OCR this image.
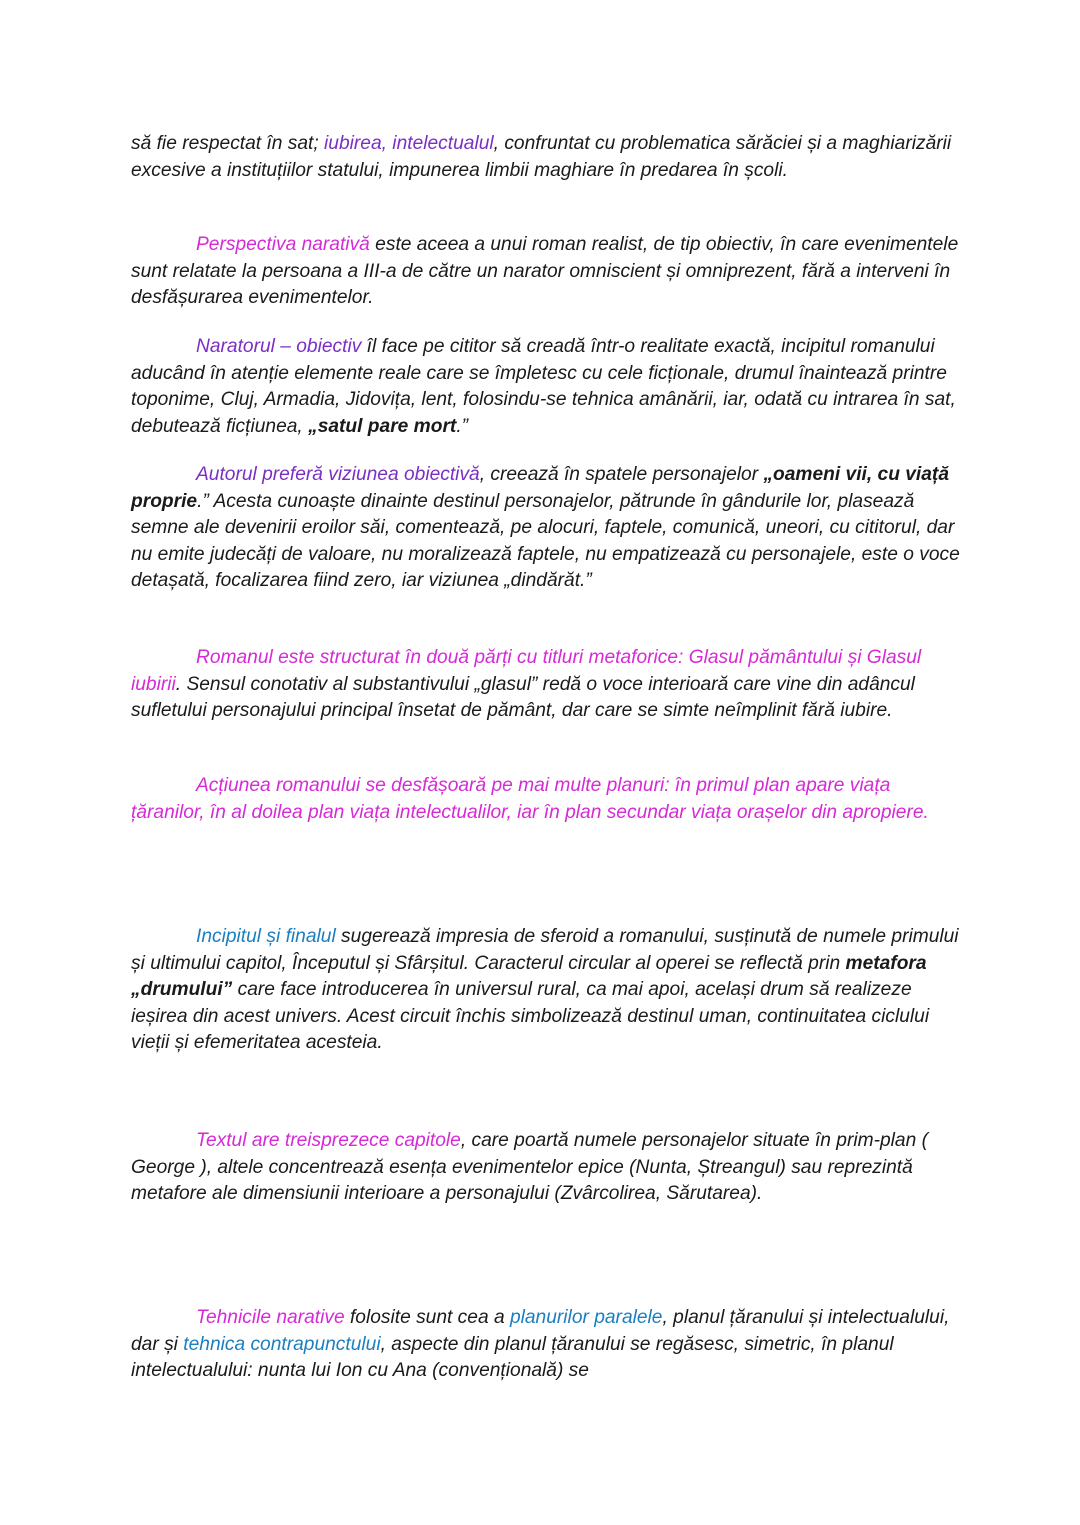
să fie respectat în sat; iubirea, intelectualul, confruntat cu problematica sărăciei și a maghiarizării excesive a instituțiilor statului, impunerea limbii maghiare în predarea în școli.

Perspectiva narativă este aceea a unui roman realist, de tip obiectiv, în care evenimentele sunt relatate la persoana a III-a de către un narator omniscient și omniprezent, fără a interveni în desfășurarea evenimentelor.

Naratorul – obiectiv îl face pe cititor să creadă într-o realitate exactă, incipitul romanului aducând în atenție elemente reale care se împletesc cu cele ficționale, drumul înaintează printre toponime, Cluj, Armadia, Jidovița, lent, folosindu-se tehnica amânării, iar, odată cu intrarea în sat, debutează ficțiunea, „satul pare mort.”

Autorul preferă viziunea obiectivă, creează în spatele personajelor „oameni vii, cu viață proprie.” Acesta cunoaște dinainte destinul personajelor, pătrunde în gândurile lor, plasează semne ale devenirii eroilor săi, comentează, pe alocuri, faptele, comunică, uneori, cu cititorul, dar nu emite judecăți de valoare, nu moralizează faptele, nu empatizează cu personajele, este o voce detașată, focalizarea fiind zero, iar viziunea „dindărăt.”

Romanul este structurat în două părți cu titluri metaforice: Glasul pământului și Glasul iubirii. Sensul conotativ al substantivului „glasul” redă o voce interioară care vine din adâncul sufletului personajului principal însetat de pământ, dar care se simte neîmplinit fără iubire.

Acțiunea romanului se desfășoară pe mai multe planuri: în primul plan apare viața țăranilor, în al doilea plan viața intelectualilor, iar în plan secundar viața orașelor din apropiere.

Incipitul și finalul sugerează impresia de sferoid a romanului, susținută de numele primului și ultimului capitol, Începutul și Sfârșitul. Caracterul circular al operei se reflectă prin metafora „drumului” care face introducerea în universul rural, ca mai apoi, același drum să realizeze ieșirea din acest univers. Acest circuit închis simbolizează destinul uman, continuitatea ciclului vieții și efemeritatea acesteia.

Textul are treisprezece capitole, care poartă numele personajelor situate în prim-plan ( George ), altele concentrează esența evenimentelor epice (Nunta, Ștreangul) sau reprezintă metafore ale dimensiunii interioare a personajului (Zvârcolirea, Sărutarea).

Tehnicile narative folosite sunt cea a planurilor paralele, planul țăranului și intelectualului, dar și tehnica contrapunctului, aspecte din planul țăranului se regăsesc, simetric, în planul intelectualului: nunta lui Ion cu Ana (convențională) se
